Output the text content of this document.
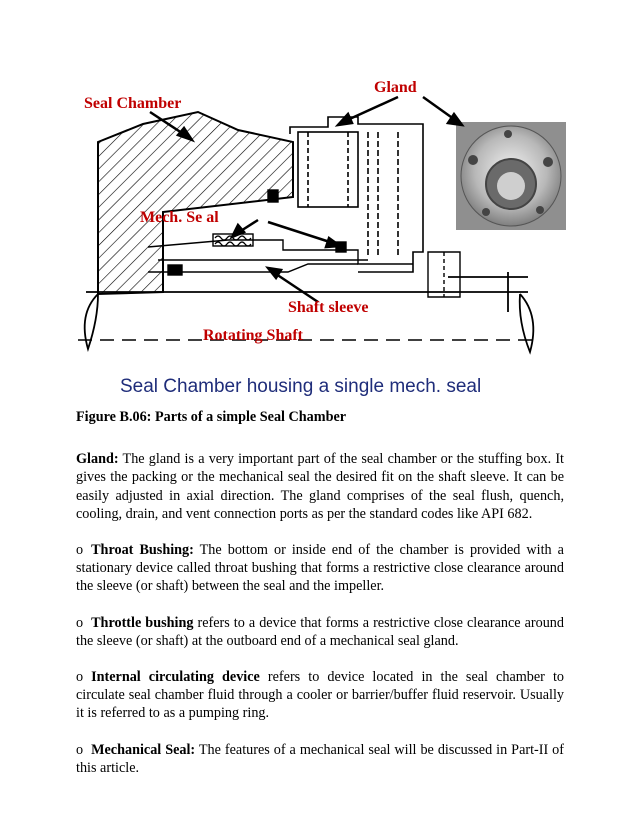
Seal Chamber
Gland
Mech. Se al
Shaft sleeve
Rotating Shaft
Seal Chamber housing a single mech. seal

Figure B.06: Parts of a simple Seal Chamber

Gland: The gland is a very important part of the seal chamber or the stuffing box. It gives the packing or the mechanical seal the desired fit on the shaft sleeve. It can be easily adjusted in axial direction. The gland comprises of the seal flush, quench, cooling, drain, and vent connection ports as per the standard codes like API 682.

o Throat Bushing: The bottom or inside end of the chamber is provided with a stationary device called throat bushing that forms a restrictive close clearance around the sleeve (or shaft) between the seal and the impeller.

o Throttle bushing refers to a device that forms a restrictive close clearance around the sleeve (or shaft) at the outboard end of a mechanical seal gland.

o Internal circulating device refers to device located in the seal chamber to circulate seal chamber fluid through a cooler or barrier/buffer fluid reservoir. Usually it is referred to as a pumping ring.

o Mechanical Seal: The features of a mechanical seal will be discussed in Part-II of this article.
